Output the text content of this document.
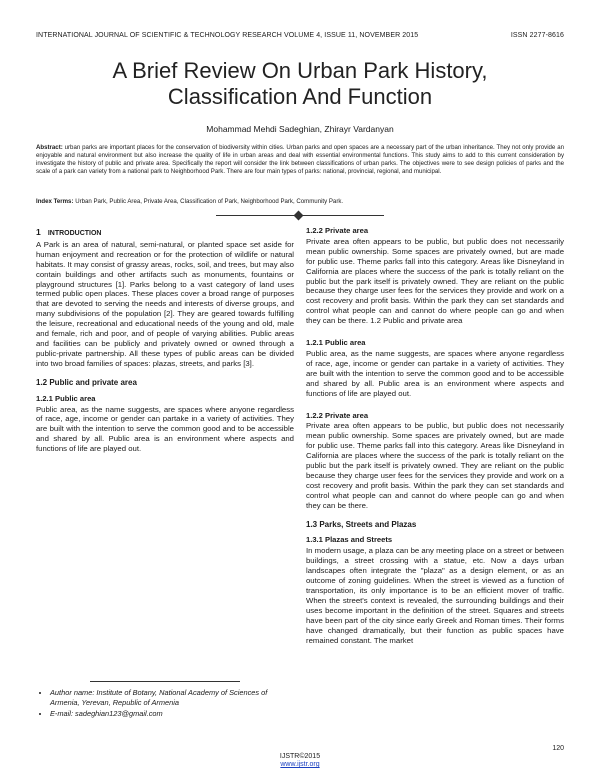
INTERNATIONAL JOURNAL OF SCIENTIFIC & TECHNOLOGY RESEARCH VOLUME 4, ISSUE 11, NOVEMBER 2015	ISSN 2277-8616
A Brief Review On Urban Park History,
Classification And Function
Mohammad Mehdi Sadeghian, Zhirayr Vardanyan
Abstract: urban parks are important places for the conservation of biodiversity within cities. Urban parks and open spaces are a necessary part of the urban inheritance. They not only provide an enjoyable and natural environment but also increase the quality of life in urban areas and deal with essential environmental functions. This study aims to add to this current consideration by investigate the history of public and private area. Specifically the report will consider the link between classifications of urban parks. The objectives were to see design policies of parks and the scale of a park can variety from a national park to Neighborhood Park. There are four main types of parks: national, provincial, regional, and municipal.
Index Terms: Urban Park, Public Area, Private Area, Classification of Park, Neighborhood Park, Community Park.
1 INTRODUCTION

A Park is an area of natural, semi-natural, or planted space set aside for human enjoyment and recreation or for the protection of wildlife or natural habitats. It may consist of grassy areas, rocks, soil, and trees, but may also contain buildings and other artifacts such as monuments, fountains or playground structures [1]. Parks belong to a vast category of land uses termed public open places. These places cover a broad range of purposes that are devoted to serving the needs and interests of diverse groups, and many subdivisions of the population [2]. They are geared towards fulfilling the leisure, recreational and educational needs of the young and old, male and female, rich and poor, and of people of varying abilities. Public areas and facilities can be publicly and privately owned or owned through a public-private partnership. All these types of public areas can be divided into two broad families of spaces: plazas, streets, and parks [3].

1.2 Public and private area
1.2.1 Public area

Public area, as the name suggests, are spaces where anyone regardless of race, age, income or gender can partake in a variety of activities. They are built with the intention to serve the common good and to be accessible and shared by all. Public area is an environment where aspects and functions of life are played out.

1.2.2 Private area

Private area often appears to be public, but public does not necessarily mean public ownership. Some spaces are privately owned, but are made for public use. Theme parks fall into this category. Areas like Disneyland in California are places where the success of the park is totally reliant on the public but the park itself is privately owned. They are reliant on the public because they charge user fees for the services they provide and work on a cost recovery and profit basis. Within the park they can set standards and control what people can and cannot do where people can go and when they can be there. 1.2 Public and private area

1.2.1 Public area

Public area, as the name suggests, are spaces where anyone regardless of race, age, income or gender can partake in a variety of activities. They are built with the intention to serve the common good and to be accessible and shared by all. Public area is an environment where aspects and functions of life are played out.

1.2.2 Private area

Private area often appears to be public, but public does not necessarily mean public ownership. Some spaces are privately owned, but are made for public use. Theme parks fall into this category. Areas like Disneyland in California are places where the success of the park is totally reliant on the public but the park itself is privately owned. They are reliant on the public because they charge user fees for the services they provide and work on a cost recovery and profit basis. Within the park they can set standards and control what people can and cannot do where people can go and when they can be there.

1.3 Parks, Streets and Plazas
1.3.1 Plazas and Streets

In modern usage, a plaza can be any meeting place on a street or between buildings, a street crossing with a statue, etc. Now a days urban landscapes often integrate the "plaza" as a design element, or as an outcome of zoning guidelines. When the street is viewed as a function of transportation, its only importance is to be an efficient mover of traffic. When the street's context is revealed, the surrounding buildings and their uses become important in the definition of the street. Squares and streets have been part of the city since early Greek and Roman times. Their forms have changed dramatically, but their function as public spaces have remained constant. The market

• Author name: Institute of Botany, National Academy of Sciences of Armenia, Yerevan, Republic of Armenia
• E-mail: sadeghian123@gmail.com
120
IJSTR©2015
www.ijstr.org
